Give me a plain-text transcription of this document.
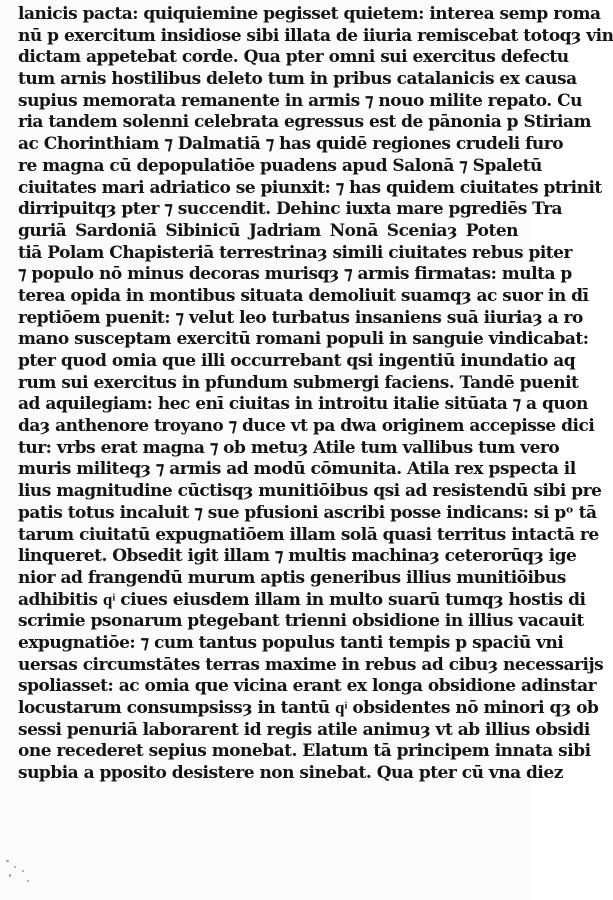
lanicis pacta: quiquiemine pegisset quietem: interea semp roma
nū p exercitum insidiose sibi illata de iiuria remiscebat totoqȝ vin
dictam appetebat corde. Qua pter omni sui exercitus defectu
tum arnis hostilibus deleto tum in pribus catalanicis ex causa
supius memorata remanente in armis ⁊ nouo milite repato. Cu
ria tandem solenni celebrata egressus est de pānonia p Stiriam
ac Chorinthiam ⁊ Dalmatiā ⁊ has quidē regiones crudeli furo
re magna cū depopulatiōe puadens apud Salonā ⁊ Spaletū
ciuitates mari adriatico se piunxit: ⁊ has quidem ciuitates ptrinit
dirripuitqȝ pter ⁊ succendit. Dehinc iuxta mare pgrediēs Tra
guriā Sardoniā Sibinicū Jadriam Nonā Sceniaȝ Poten
tiā Polam Chapisteriā terrestrinaȝ simili ciuitates rebus piter
⁊ populo nō minus decoras murisqȝ ⁊ armis firmatas: multa p
terea opida in montibus situata demoliuit suamqȝ ac suor in dī
reptiōem puenit: ⁊ velut leo turbatus insaniens suā iiuriaȝ a ro
mano susceptam exercitū romani populi in sanguie vindicabat:
pter quod omia que illi occurrebant qsi ingentiū inundatio aq
rum sui exercitus in pfundum submergi faciens. Tandē puenit
ad aquilegiam: hec enī ciuitas in introitu italie sitūata ⁊ a quon
daȝ anthenore troyano ⁊ duce vt pa dwa originem accepisse dici
tur: vrbs erat magna ⁊ ob metuȝ Atile tum vallibus tum vero
muris militeqȝ ⁊ armis ad modū cōmunita. Atila rex pspecta il
lius magnitudine cūctisqȝ munitiōibus qsi ad resistendū sibi pre
patis totus incaluit ⁊ sue pfusioni ascribi posse indicans: si pᵒ tā
tarum ciuitatū expugnatiōem illam solā quasi territus intactā re
linqueret. Obsedit igit illam ⁊ multis machinaȝ ceterorūqȝ ige
nior ad frangendū murum aptis generibus illius munitiōibus
adhibitis qͥ ciues eiusdem illam in multo suarū tumqȝ hostis di
scrimie psonarum ptegebant trienni obsidione in illius vacauit
expugnatiōe: ⁊ cum tantus populus tanti tempis p spaciū vni
uersas circumstātes terras maxime in rebus ad cibuȝ necessarijs
spoliasset: ac omia que vicina erant ex longa obsidione adinstar
locustarum consumpsissȝ in tantū qͥ obsidentes nō minori qȝ ob
sessi penuriā laborarent id regis atile animuȝ vt ab illius obsidi
one recederet sepius monebat. Elatum tā principem innata sibi
supbia a pposito desistere non sinebat. Qua pter cū vna diez
